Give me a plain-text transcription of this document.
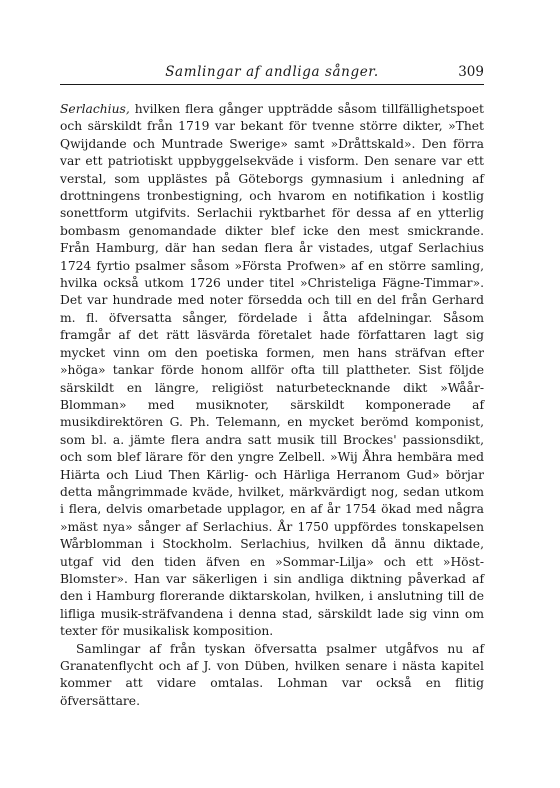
Samlingar af andliga sånger.	309

Serlachius, hvilken flera gånger uppträdde såsom tillfällighetspoet och särskildt från 1719 var bekant för tvenne större dikter, »Thet Qwijdande och Muntrade Swerige» samt »Dråttskald». Den förra var ett patriotiskt uppbyggelsekväde i visform. Den senare var ett verstal, som upplästes på Göteborgs gymnasium i anledning af drottningens tronbestigning, och hvarom en notifikation i kostlig sonettform utgifvits. Serlachii ryktbarhet för dessa af en ytterlig bombasm genomandade dikter blef icke den mest smickrande. Från Hamburg, där han sedan flera år vistades, utgaf Serlachius 1724 fyrtio psalmer såsom »Första Profwen» af en större samling, hvilka också utkom 1726 under titel »Christeliga Fägne-Timmar». Det var hundrade med noter försedda och till en del från Gerhard m. fl. öfversatta sånger, fördelade i åtta afdelningar. Såsom framgår af det rätt läsvärda företalet hade författaren lagt sig mycket vinn om den poetiska formen, men hans sträfvan efter »höga» tankar förde honom allför ofta till plattheter. Sist följde särskildt en längre, religiöst naturbetecknande dikt »Wåår-Blomman» med musiknoter, särskildt komponerade af musikdirektören G. Ph. Telemann, en mycket berömd komponist, som bl. a. jämte flera andra satt musik till Brockes' passionsdikt, och som blef lärare för den yngre Zelbell. »Wij Åhra hembära med Hiärta och Liud Then Kärlig- och Härliga Herranom Gud» börjar detta mångrimmade kväde, hvilket, märkvärdigt nog, sedan utkom i flera, delvis omarbetade upplagor, en af år 1754 ökad med några »mäst nya» sånger af Serlachius. År 1750 uppfördes tonskapelsen Wårblomman i Stockholm. Serlachius, hvilken då ännu diktade, utgaf vid den tiden äfven en »Sommar-Lilja» och ett »Höst-Blomster». Han var säkerligen i sin andliga diktning påverkad af den i Hamburg florerande diktarskolan, hvilken, i anslutning till de lifliga musik-sträfvandena i denna stad, särskildt lade sig vinn om texter för musikalisk komposition.

Samlingar af från tyskan öfversatta psalmer utgåfvos nu af Granatenflycht och af J. von Düben, hvilken senare i nästa kapitel kommer att vidare omtalas. Lohman var också en flitig öfversättare.
